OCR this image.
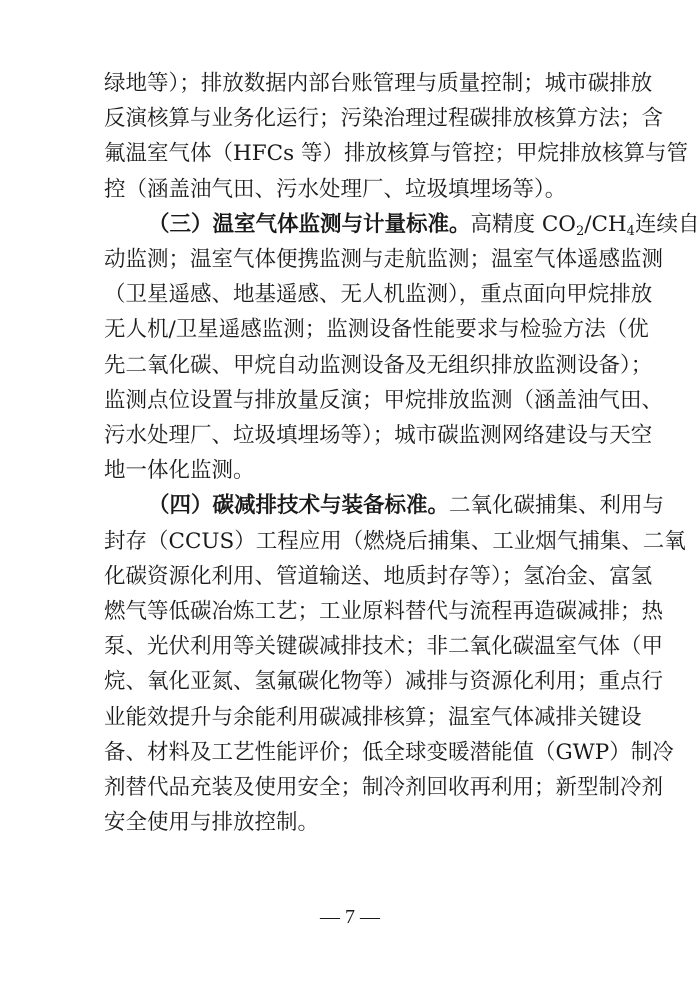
绿地等）；排放数据内部台账管理与质量控制；城市碳排放
反演核算与业务化运行；污染治理过程碳排放核算方法；含
氟温室气体（HFCs 等）排放核算与管控；甲烷排放核算与管
控（涵盖油气田、污水处理厂、垃圾填埋场等）。
（三）温室气体监测与计量标准。高精度 $CO_2/CH_4$连续自
动监测；温室气体便携监测与走航监测；温室气体遥感监测
（卫星遥感、地基遥感、无人机监测），重点面向甲烷排放
无人机/卫星遥感监测；监测设备性能要求与检验方法（优
先二氧化碳、甲烷自动监测设备及无组织排放监测设备）；
监测点位设置与排放量反演；甲烷排放监测（涵盖油气田、
污水处理厂、垃圾填埋场等）；城市碳监测网络建设与天空
地一体化监测。
（四）碳减排技术与装备标准。二氧化碳捕集、利用与
封存（CCUS）工程应用（燃烧后捕集、工业烟气捕集、二氧
化碳资源化利用、管道输送、地质封存等）；氢冶金、富氢
燃气等低碳冶炼工艺；工业原料替代与流程再造碳减排；热
泵、光伏利用等关键碳减排技术；非二氧化碳温室气体（甲
烷、氧化亚氮、氢氟碳化物等）减排与资源化利用；重点行
业能效提升与余能利用碳减排核算；温室气体减排关键设
备、材料及工艺性能评价；低全球变暖潜能值（GWP）制冷
剂替代品充装及使用安全；制冷剂回收再利用；新型制冷剂
安全使用与排放控制。
— 7 —
